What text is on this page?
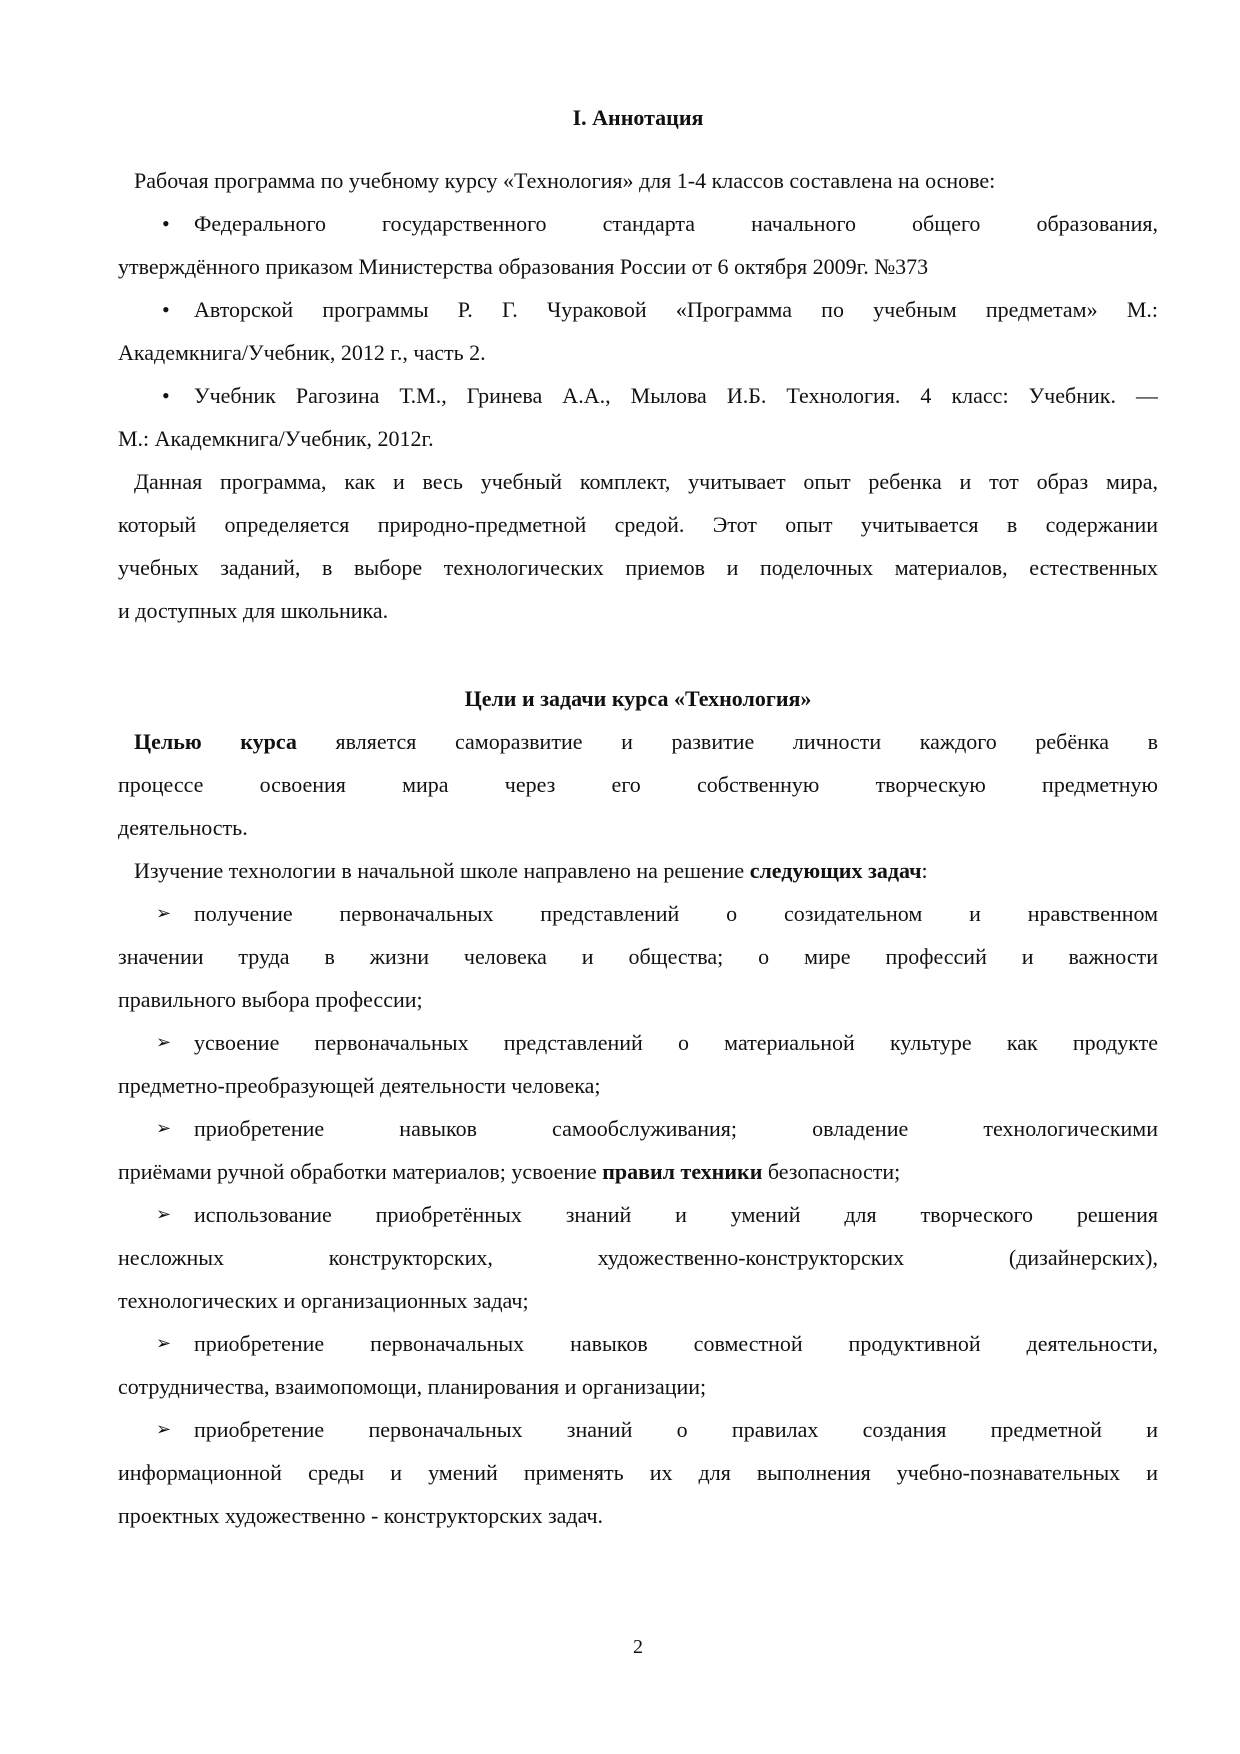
I. Аннотация
Рабочая программа по учебному курсу «Технология» для 1-4 классов составлена на основе:
• Федерального государственного стандарта начального общего образования,
утверждённого приказом Министерства образования России от 6 октября 2009г. №373
• Авторской программы Р. Г. Чураковой «Программа по учебным предметам» М.:
Академкнига/Учебник, 2012 г., часть 2.
• Учебник Рагозина Т.М., Гринева А.А., Мылова И.Б. Технология. 4 класс: Учебник. —
М.: Академкнига/Учебник, 2012г.
Данная программа, как и весь учебный комплект, учитывает опыт ребенка и тот образ мира,
который определяется природно-предметной средой. Этот опыт учитывается в содержании
учебных заданий, в выборе технологических приемов и поделочных материалов, естественных
и доступных для школьника.
Цели и задачи курса «Технология»
Целью курса является саморазвитие и развитие личности каждого ребёнка в
процессе освоения мира через его собственную творческую предметную
деятельность.
Изучение технологии в начальной школе направлено на решение следующих задач:
➢ получение первоначальных представлений о созидательном и нравственном
значении труда в жизни человека и общества; о мире профессий и важности
правильного выбора профессии;
➢ усвоение первоначальных представлений о материальной культуре как продукте
предметно-преобразующей деятельности человека;
➢ приобретение навыков самообслуживания; овладение технологическими
приёмами ручной обработки материалов; усвоение правил техники безопасности;
➢ использование приобретённых знаний и умений для творческого решения
несложных конструкторских, художественно-конструкторских (дизайнерских),
технологических и организационных задач;
➢ приобретение первоначальных навыков совместной продуктивной деятельности,
сотрудничества, взаимопомощи, планирования и организации;
➢ приобретение первоначальных знаний о правилах создания предметной и
информационной среды и умений применять их для выполнения учебно-познавательных и
проектных художественно - конструкторских задач.
2
